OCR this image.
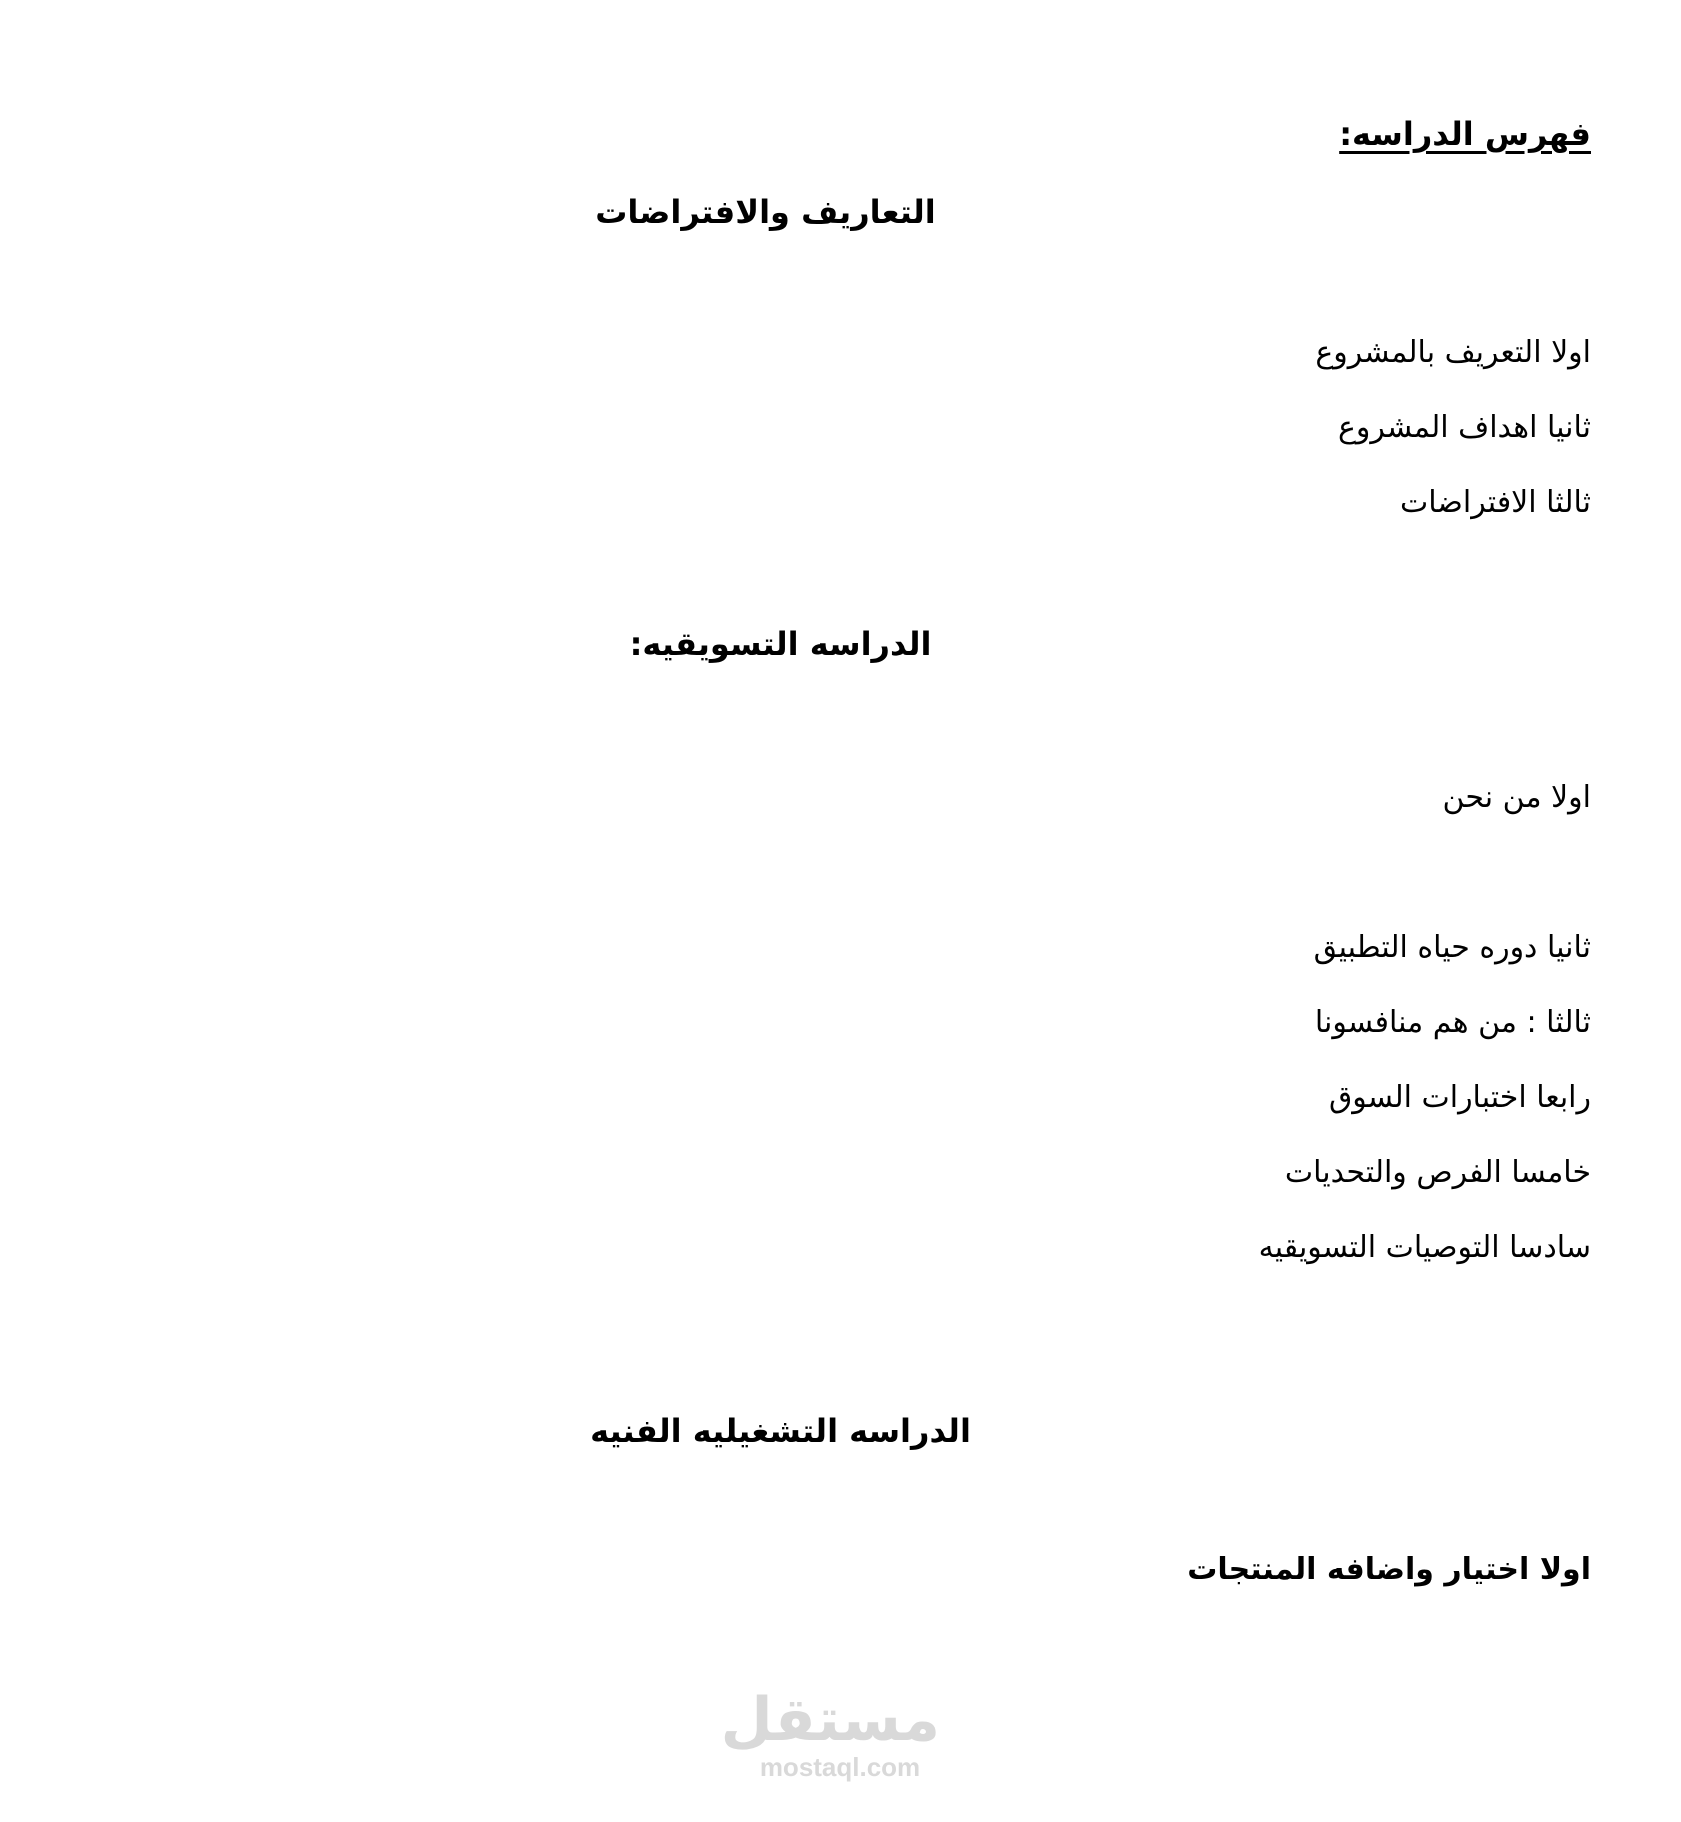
فهرس الدراسه:
التعاريف والافتراضات
اولا التعريف بالمشروع
ثانيا اهداف المشروع
ثالثا الافتراضات
الدراسه التسويقيه:
اولا من نحن
ثانيا دوره حياه التطبيق
ثالثا : من هم منافسونا
رابعا اختبارات السوق
خامسا الفرص والتحديات
سادسا التوصيات التسويقيه
الدراسه التشغيليه الفنيه
اولا اختيار واضافه المنتجات
مستقل
mostaql.com
